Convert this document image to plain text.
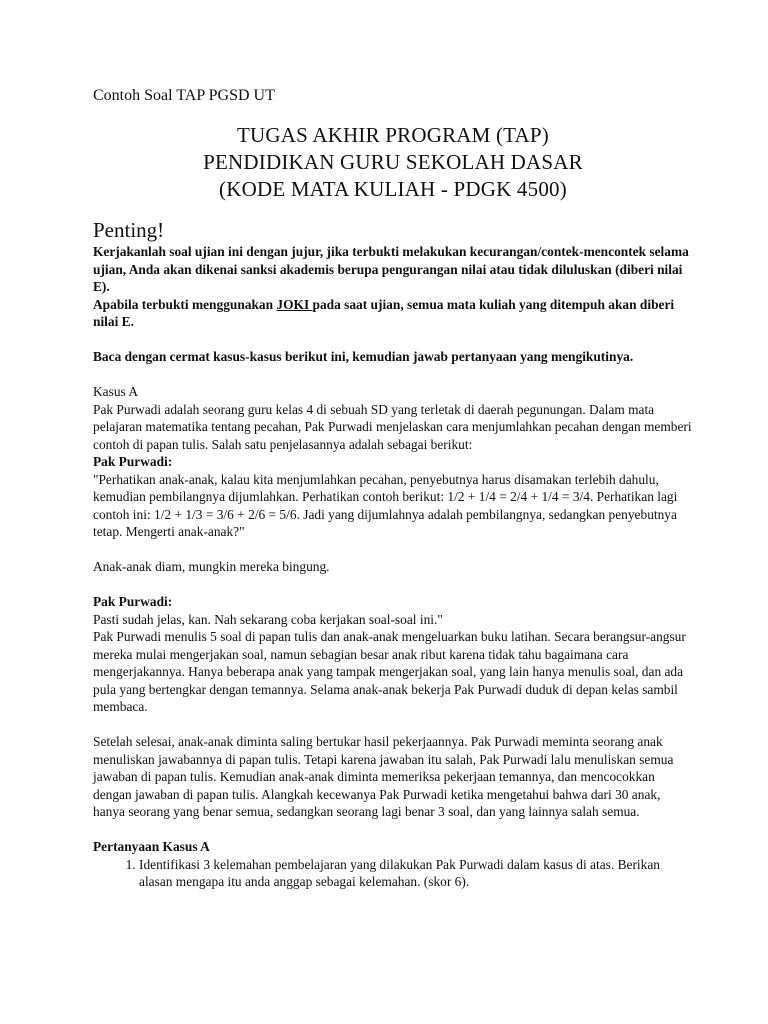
Contoh Soal TAP PGSD UT

TUGAS AKHIR PROGRAM (TAP)
PENDIDIKAN GURU SEKOLAH DASAR
(KODE MATA KULIAH - PDGK 4500)
Penting!

Kerjakanlah soal ujian ini dengan jujur, jika terbukti melakukan kecurangan/contek-mencontek selama ujian, Anda akan dikenai sanksi akademis berupa pengurangan nilai atau tidak diluluskan (diberi nilai E).

Apabila terbukti menggunakan JOKI pada saat ujian, semua mata kuliah yang ditempuh akan diberi nilai E.

Baca dengan cermat kasus-kasus berikut ini, kemudian jawab pertanyaan yang mengikutinya.

Kasus A

Pak Purwadi adalah seorang guru kelas 4 di sebuah SD yang terletak di daerah pegunungan. Dalam mata pelajaran matematika tentang pecahan, Pak Purwadi menjelaskan cara menjumlahkan pecahan dengan memberi contoh di papan tulis. Salah satu penjelasannya adalah sebagai berikut:

Pak Purwadi:

"Perhatikan anak-anak, kalau kita menjumlahkan pecahan, penyebutnya harus disamakan terlebih dahulu, kemudian pembilangnya dijumlahkan. Perhatikan contoh berikut: 1/2 + 1/4 = 2/4 + 1/4 = 3/4. Perhatikan lagi contoh ini: 1/2 + 1/3 = 3/6 + 2/6 = 5/6. Jadi yang dijumlahnya adalah pembilangnya, sedangkan penyebutnya tetap. Mengerti anak-anak?"

Anak-anak diam, mungkin mereka bingung.

Pak Purwadi:

Pasti sudah jelas, kan. Nah sekarang coba kerjakan soal-soal ini."

Pak Purwadi menulis 5 soal di papan tulis dan anak-anak mengeluarkan buku latihan. Secara berangsur-angsur mereka mulai mengerjakan soal, namun sebagian besar anak ribut karena tidak tahu bagaimana cara mengerjakannya. Hanya beberapa anak yang tampak mengerjakan soal, yang lain hanya menulis soal, dan ada pula yang bertengkar dengan temannya. Selama anak-anak bekerja Pak Purwadi duduk di depan kelas sambil membaca.

Setelah selesai, anak-anak diminta saling bertukar hasil pekerjaannya. Pak Purwadi meminta seorang anak menuliskan jawabannya di papan tulis. Tetapi karena jawaban itu salah, Pak Purwadi lalu menuliskan semua jawaban di papan tulis. Kemudian anak-anak diminta memeriksa pekerjaan temannya, dan mencocokkan dengan jawaban di papan tulis. Alangkah kecewanya Pak Purwadi ketika mengetahui bahwa dari 30 anak, hanya seorang yang benar semua, sedangkan seorang lagi benar 3 soal, dan yang lainnya salah semua.

Pertanyaan Kasus A

1. Identifikasi 3 kelemahan pembelajaran yang dilakukan Pak Purwadi dalam kasus di atas. Berikan alasan mengapa itu anda anggap sebagai kelemahan. (skor 6).
